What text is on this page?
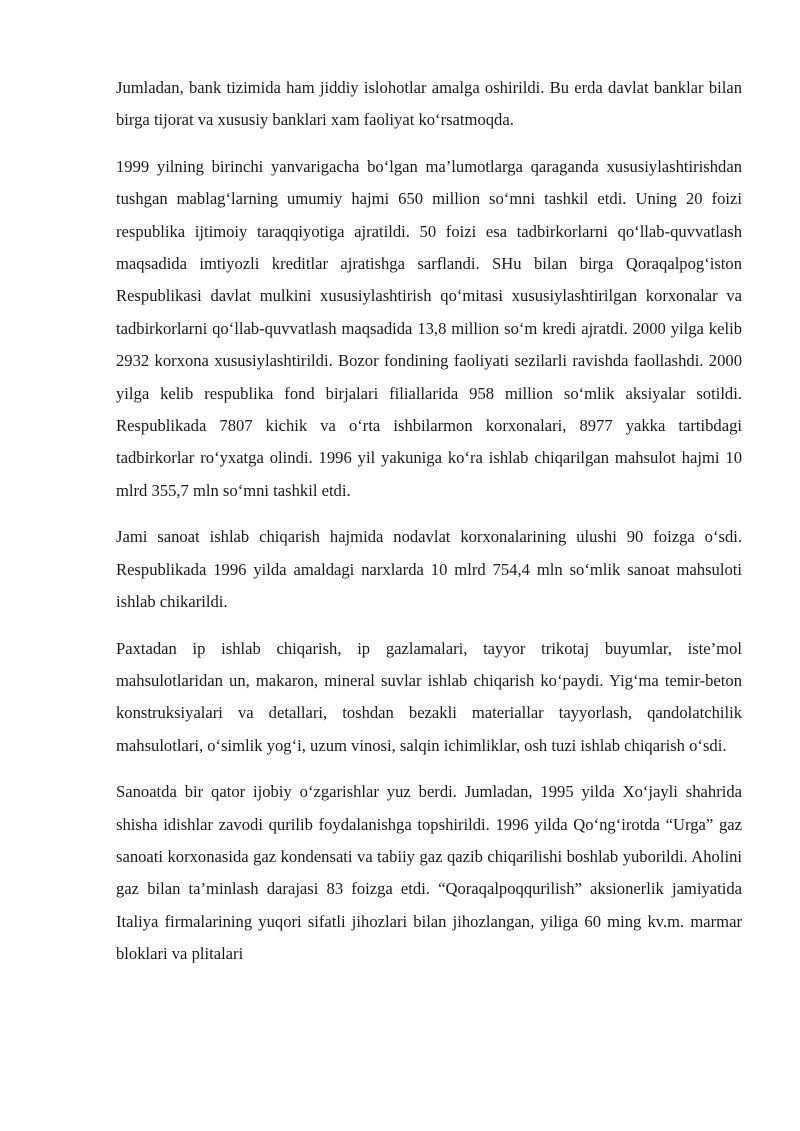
Jumladan, bank tizimida ham jiddiy islohotlar amalga oshirildi. Bu erda davlat banklar bilan birga tijorat va xususiy banklari xam faoliyat ko‘rsatmoqda.

1999 yilning birinchi yanvarigacha bo‘lgan ma’lumotlarga qaraganda xususiylashtirishdan tushgan mablag‘larning umumiy hajmi 650 million so‘mni tashkil etdi. Uning 20 foizi respublika ijtimoiy taraqqiyotiga ajratildi. 50 foizi esa tadbirkorlarni qo‘llab-quvvatlash maqsadida imtiyozli kreditlar ajratishga sarflandi. SHu bilan birga Qoraqalpog‘iston Respublikasi davlat mulkini xususiylashtirish qo‘mitasi xususiylashtirilgan korxonalar va tadbirkorlarni qo‘llab-quvvatlash maqsadida 13,8 million so‘m kredi ajratdi. 2000 yilga kelib 2932 korxona xususiylashtirildi. Bozor fondining faoliyati sezilarli ravishda faollashdi. 2000 yilga kelib respublika fond birjalari filiallarida 958 million so‘mlik aksiyalar sotildi. Respublikada 7807 kichik va o‘rta ishbilarmon korxonalari, 8977 yakka tartibdagi tadbirkorlar ro‘yxatga olindi. 1996 yil yakuniga ko‘ra ishlab chiqarilgan mahsulot hajmi 10 mlrd 355,7 mln so‘mni tashkil etdi.

Jami sanoat ishlab chiqarish hajmida nodavlat korxonalarining ulushi 90 foizga o‘sdi. Respublikada 1996 yilda amaldagi narxlarda 10 mlrd 754,4 mln so‘mlik sanoat mahsuloti ishlab chikarildi.

Paxtadan ip ishlab chiqarish, ip gazlamalari, tayyor trikotaj buyumlar, iste’mol mahsulotlaridan un, makaron, mineral suvlar ishlab chiqarish ko‘paydi. Yig‘ma temir-beton konstruksiyalari va detallari, toshdan bezakli materiallar tayyorlash, qandolatchilik mahsulotlari, o‘simlik yog‘i, uzum vinosi, salqin ichimliklar, osh tuzi ishlab chiqarish o‘sdi.

Sanoatda bir qator ijobiy o‘zgarishlar yuz berdi. Jumladan, 1995 yilda Xo‘jayli shahrida shisha idishlar zavodi qurilib foydalanishga topshirildi. 1996 yilda Qo‘ng‘irotda “Urga” gaz sanoati korxonasida gaz kondensati va tabiiy gaz qazib chiqarilishi boshlab yuborildi. Aholini gaz bilan ta’minlash darajasi 83 foizga etdi. “Qoraqalpoqqurilish” aksionerlik jamiyatida Italiya firmalarining yuqori sifatli jihozlari bilan jihozlangan, yiliga 60 ming kv.m. marmar bloklari va plitalari
